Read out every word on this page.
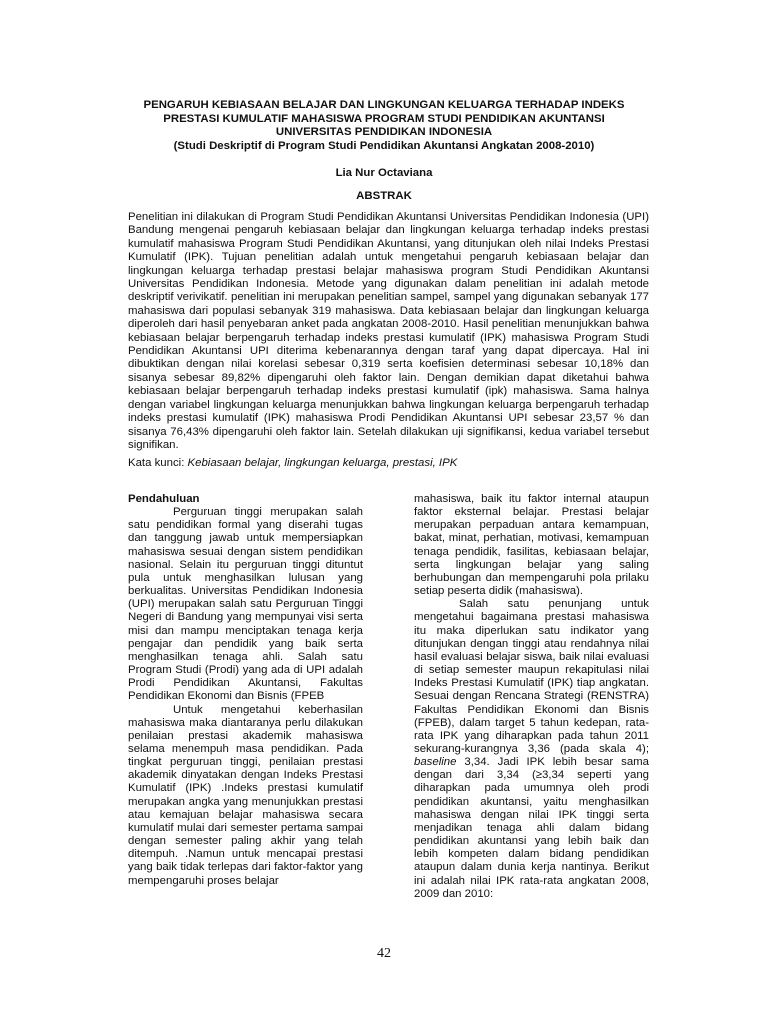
PENGARUH KEBIASAAN BELAJAR DAN LINGKUNGAN KELUARGA TERHADAP INDEKS
PRESTASI KUMULATIF MAHASISWA PROGRAM STUDI PENDIDIKAN AKUNTANSI
UNIVERSITAS PENDIDIKAN INDONESIA
(Studi Deskriptif di Program Studi Pendidikan Akuntansi Angkatan 2008-2010)

Lia Nur Octaviana

ABSTRAK

Penelitian ini dilakukan di Program Studi Pendidikan Akuntansi Universitas Pendidikan Indonesia (UPI) Bandung mengenai pengaruh kebiasaan belajar dan lingkungan keluarga terhadap indeks prestasi kumulatif mahasiswa Program Studi Pendidikan Akuntansi, yang ditunjukan oleh nilai Indeks Prestasi Kumulatif (IPK). Tujuan penelitian adalah untuk mengetahui pengaruh kebiasaan belajar dan lingkungan keluarga terhadap prestasi belajar mahasiswa program Studi Pendidikan Akuntansi Universitas Pendidikan Indonesia. Metode yang digunakan dalam penelitian ini adalah metode deskriptif verivikatif. penelitian ini merupakan penelitian sampel, sampel yang digunakan sebanyak 177 mahasiswa dari populasi sebanyak 319 mahasiswa. Data kebiasaan belajar dan lingkungan keluarga diperoleh dari hasil penyebaran anket pada angkatan 2008-2010. Hasil penelitian menunjukkan bahwa kebiasaan belajar berpengaruh terhadap indeks prestasi kumulatif (IPK) mahasiswa Program Studi Pendidikan Akuntansi UPI diterima kebenarannya dengan taraf yang dapat dipercaya. Hal ini dibuktikan dengan nilai korelasi sebesar 0,319 serta koefisien determinasi sebesar 10,18% dan sisanya sebesar 89,82% dipengaruhi oleh faktor lain. Dengan demikian dapat diketahui bahwa kebiasaan belajar berpengaruh terhadap indeks prestasi kumulatif (ipk) mahasiswa. Sama halnya dengan variabel lingkungan keluarga menunjukkan bahwa lingkungan keluarga berpengaruh terhadap indeks prestasi kumulatif (IPK) mahasiswa Prodi Pendidikan Akuntansi UPI sebesar 23,57 % dan sisanya 76,43% dipengaruhi oleh faktor lain. Setelah dilakukan uji signifikansi, kedua variabel tersebut signifikan.

Kata kunci: Kebiasaan belajar, lingkungan keluarga, prestasi, IPK

Pendahuluan

Perguruan tinggi merupakan salah satu pendidikan formal yang diserahi tugas dan tanggung jawab untuk mempersiapkan mahasiswa sesuai dengan sistem pendidikan nasional. Selain itu perguruan tinggi dituntut pula untuk menghasilkan lulusan yang berkualitas. Universitas Pendidikan Indonesia (UPI) merupakan salah satu Perguruan Tinggi Negeri di Bandung yang mempunyai visi serta misi dan mampu menciptakan tenaga kerja pengajar dan pendidik yang baik serta menghasilkan tenaga ahli. Salah satu Program Studi (Prodi) yang ada di UPI adalah Prodi Pendidikan Akuntansi, Fakultas Pendidikan Ekonomi dan Bisnis (FPEB

Untuk mengetahui keberhasilan mahasiswa maka diantaranya perlu dilakukan penilaian prestasi akademik mahasiswa selama menempuh masa pendidikan. Pada tingkat perguruan tinggi, penilaian prestasi akademik dinyatakan dengan Indeks Prestasi Kumulatif (IPK) .Indeks prestasi kumulatif merupakan angka yang menunjukkan prestasi atau kemajuan belajar mahasiswa secara kumulatif mulai dari semester pertama sampai dengan semester paling akhir yang telah ditempuh. .Namun untuk mencapai prestasi yang baik tidak terlepas dari faktor-faktor yang mempengaruhi proses belajar

mahasiswa, baik itu faktor internal ataupun faktor eksternal belajar. Prestasi belajar merupakan perpaduan antara kemampuan, bakat, minat, perhatian, motivasi, kemampuan tenaga pendidik, fasilitas, kebiasaan belajar, serta lingkungan belajar yang saling berhubungan dan mempengaruhi pola prilaku setiap peserta didik (mahasiswa).

Salah satu penunjang untuk mengetahui bagaimana prestasi mahasiswa itu maka diperlukan satu indikator yang ditunjukan dengan tinggi atau rendahnya nilai hasil evaluasi belajar siswa, baik nilai evaluasi di setiap semester maupun rekapitulasi nilai Indeks Prestasi Kumulatif (IPK) tiap angkatan. Sesuai dengan Rencana Strategi (RENSTRA) Fakultas Pendidikan Ekonomi dan Bisnis (FPEB), dalam target 5 tahun kedepan, rata-rata IPK yang diharapkan pada tahun 2011 sekurang-kurangnya 3,36 (pada skala 4); baseline 3,34. Jadi IPK lebih besar sama dengan dari 3,34 (≥3,34 seperti yang diharapkan pada umumnya oleh prodi pendidikan akuntansi, yaitu menghasilkan mahasiswa dengan nilai IPK tinggi serta menjadikan tenaga ahli dalam bidang pendidikan akuntansi yang lebih baik dan lebih kompeten dalam bidang pendidikan ataupun dalam dunia kerja nantinya. Berikut ini adalah nilai IPK rata-rata angkatan 2008, 2009 dan 2010:

42
